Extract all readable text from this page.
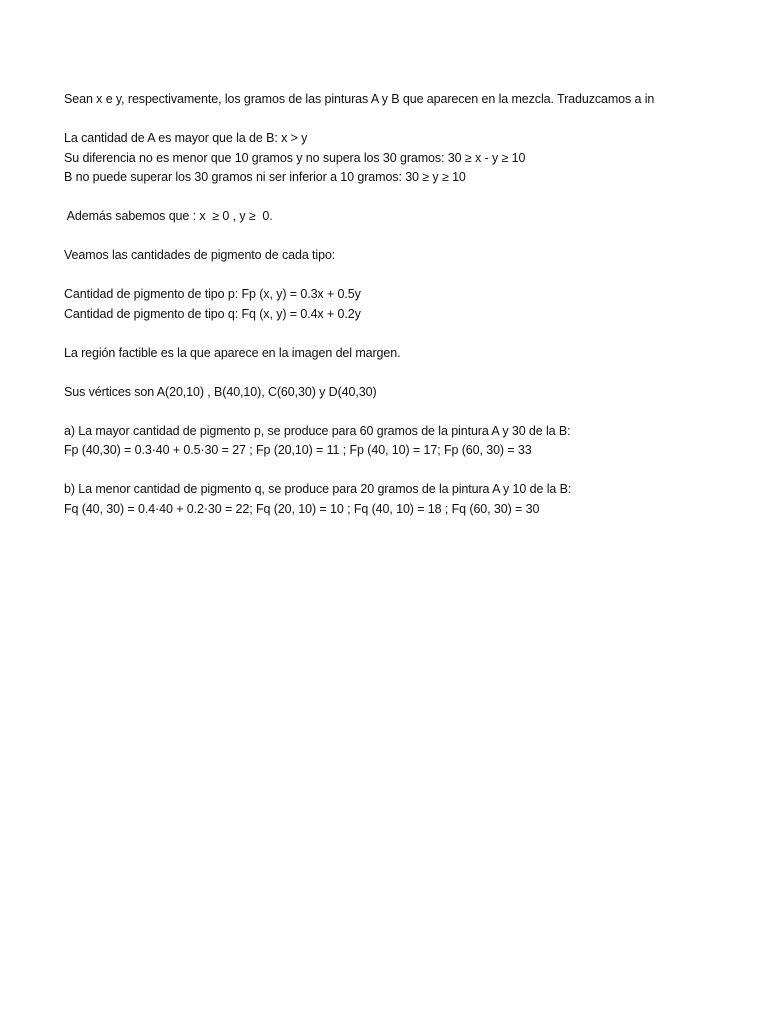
Sean x e y, respectivamente, los gramos de las pinturas A y B que aparecen en la mezcla. Traduzcamos a in
La cantidad de A es mayor que la de B: x > y
Su diferencia no es menor que 10 gramos y no supera los 30 gramos: 30 ≥ x - y ≥ 10
B no puede superar los 30 gramos ni ser inferior a 10 gramos: 30 ≥ y ≥ 10
Además sabemos que : x  ≥ 0 , y ≥  0.
Veamos las cantidades de pigmento de cada tipo:
Cantidad de pigmento de tipo p: Fp (x, y) = 0.3x + 0.5y
Cantidad de pigmento de tipo q: Fq (x, y) = 0.4x + 0.2y
La región factible es la que aparece en la imagen del margen.
Sus vértices son A(20,10) , B(40,10), C(60,30) y D(40,30)
a) La mayor cantidad de pigmento p, se produce para 60 gramos de la pintura A y 30 de la B:
Fp (40,30) = 0.3·40 + 0.5·30 = 27 ; Fp (20,10) = 11 ; Fp (40, 10) = 17; Fp (60, 30) = 33
b) La menor cantidad de pigmento q, se produce para 20 gramos de la pintura A y 10 de la B:
Fq (40, 30) = 0.4·40 + 0.2·30 = 22; Fq (20, 10) = 10 ; Fq (40, 10) = 18 ; Fq (60, 30) = 30
